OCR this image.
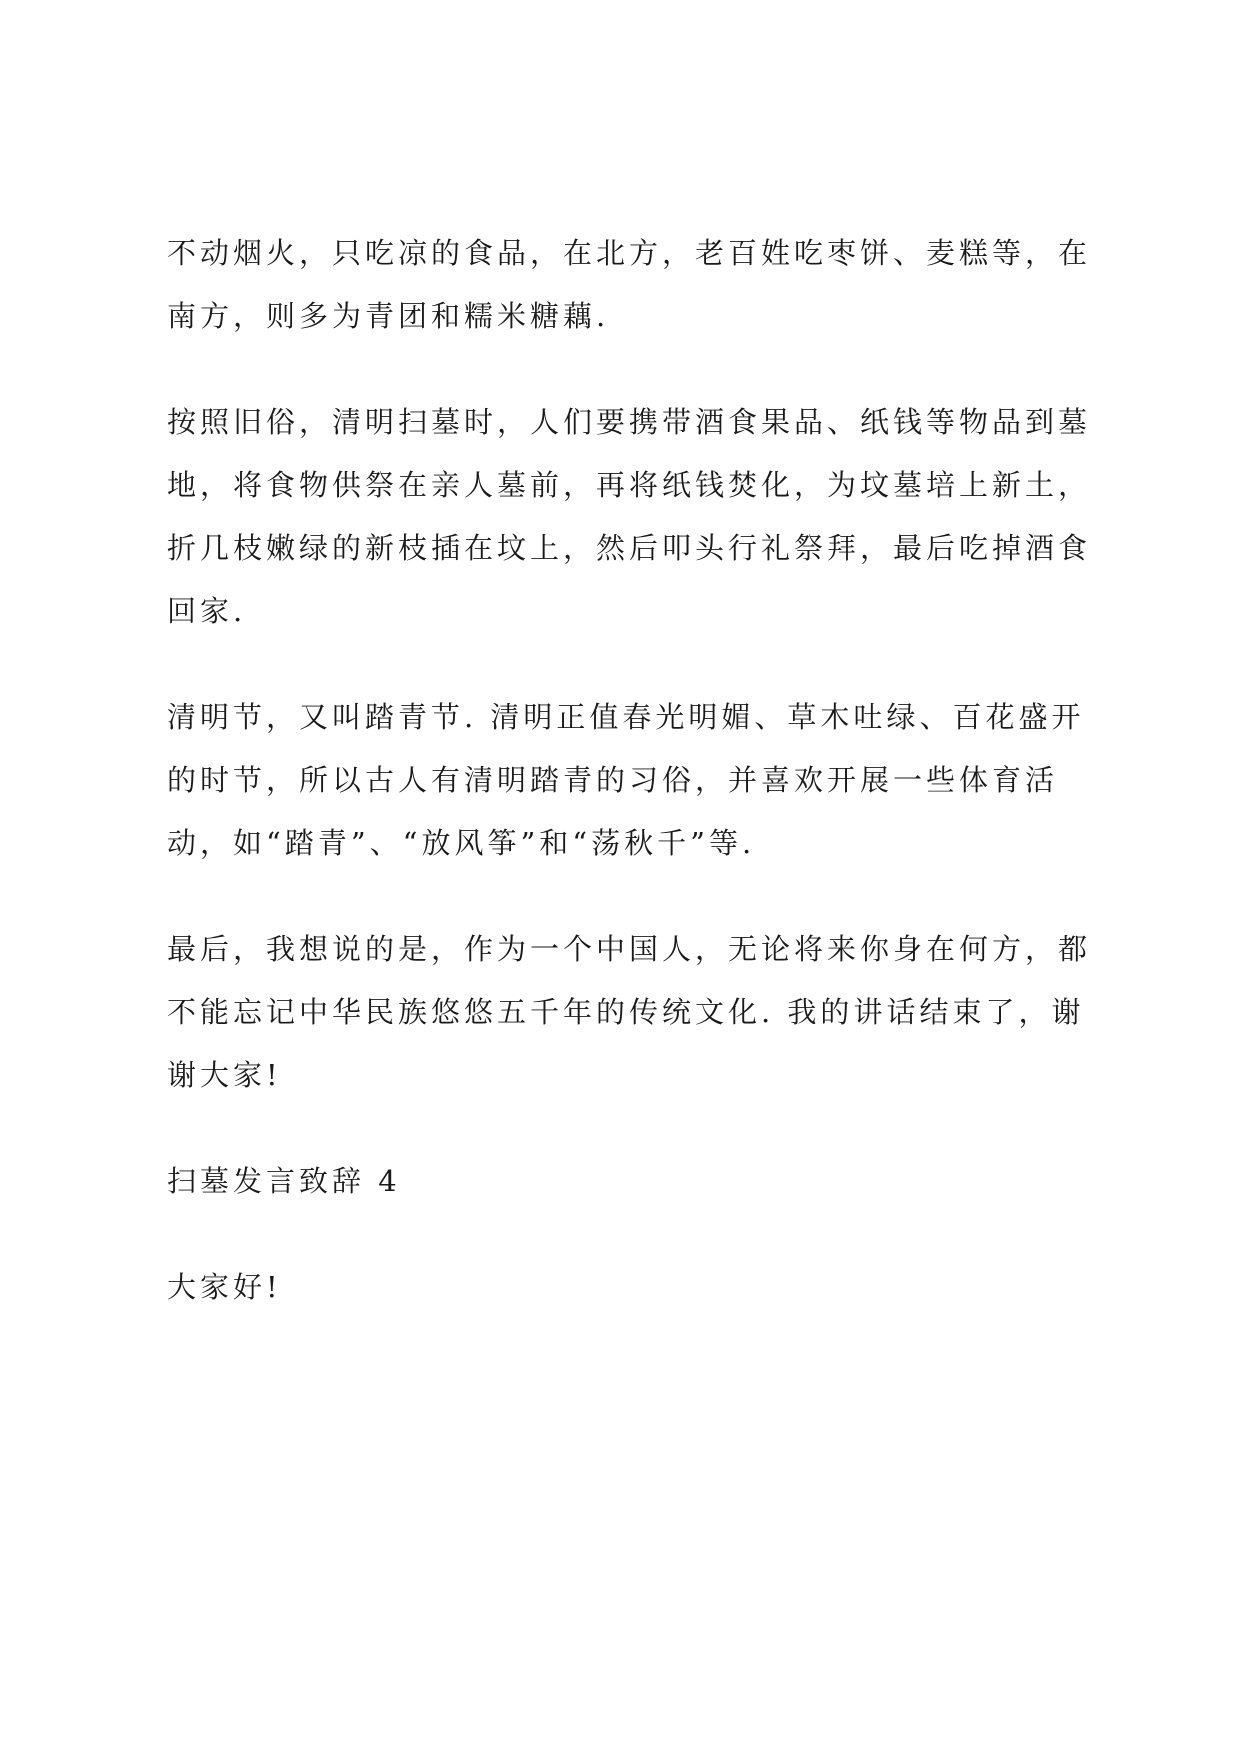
不动烟火，只吃凉的食品，在北方，老百姓吃枣饼、麦糕等，在
南方，则多为青团和糯米糖藕.

按照旧俗，清明扫墓时，人们要携带酒食果品、纸钱等物品到墓
地，将食物供祭在亲人墓前，再将纸钱焚化，为坟墓培上新土，
折几枝嫩绿的新枝插在坟上，然后叩头行礼祭拜，最后吃掉酒食
回家.

清明节，又叫踏青节. 清明正值春光明媚、草木吐绿、百花盛开
的时节，所以古人有清明踏青的习俗，并喜欢开展一些体育活
动，如“踏青”、“放风筝”和“荡秋千”等.

最后，我想说的是，作为一个中国人，无论将来你身在何方，都
不能忘记中华民族悠悠五千年的传统文化. 我的讲话结束了，谢
谢大家!

扫墓发言致辞 4

大家好!
